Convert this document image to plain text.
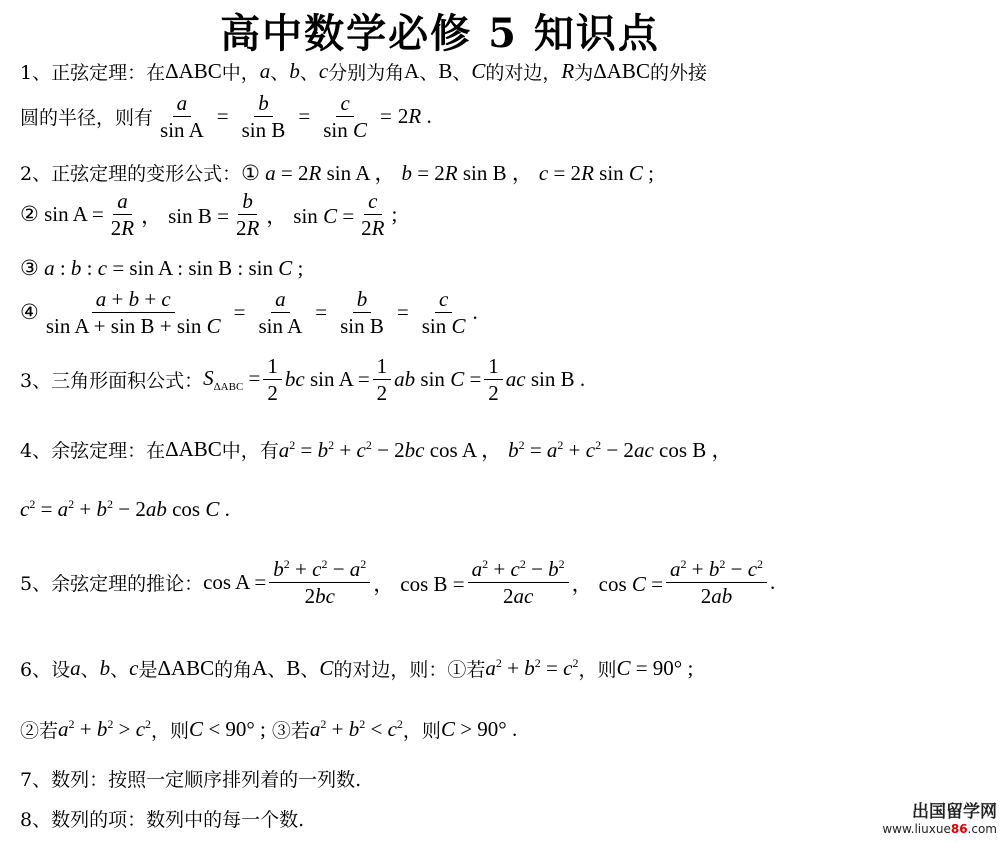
高中数学必修 5 知识点
1、正弦定理：在 ΔABC 中， a 、 b 、 c 分别为角 A 、 B 、 C 的对边， R 为 ΔABC 的外接
圆的半径，则有 $\frac{a}{\text{sin A}} = \frac{b}{\text{sin B}} = \frac{c}{\text{sin C}} = 2R$ .
2、正弦定理的变形公式： ① a = 2R sin A ， b = 2R sin B ， c = 2R sin C ;
② $\sin A = \frac{a}{2R}$ ， $\sin B = \frac{b}{2R}$ ， $\sin C = \frac{c}{2R}$ ;
③ a : b : c = sin A : sin B : sin C ;
④ $\frac{a + b + c}{\text{sin A + sin B + sin C}} = \frac{a}{\text{sin A}} = \frac{b}{\text{sin B}} = \frac{c}{\text{sin C}}$ .
3、三角形面积公式： $S_{\Delta ABC} = \frac{1}{2}$ bc $\sin A = \frac{1}{2}$ ab $\sin C = \frac{1}{2}$ ac sin B .
4、余弦定理：在 ΔABC 中，有 $a^2 = b^2 + c^2 - 2bc$ cos A ， $b^2 = a^2 + c^2 - 2ac$ cos B ，
$c^2 = a^2 + b^2 - 2ab$ cos C .
5、余弦定理的推论： $\cos A = \frac{b^2 + c^2 - a^2}{2bc}$ ， $\cos B = \frac{a^2 + c^2 - b^2}{2ac}$ ， $\cos C = \frac{a^2 + b^2 - c^2}{2ab}$ .
6、设 a 、 b 、 c 是 ΔABC 的角 A 、 B 、 C 的对边，则：①若 $a^2 + b^2 = c^2$ ，则 C = 90° ;
②若 $a^2 + b^2 > c^2$ ，则 C < 90° ; ③若 $a^2 + b^2 < c^2$ ，则 C > 90° .
7、数列：按照一定顺序排列着的一列数.
8、数列的项：数列中的每一个数.	出国留学网
www.liuxue86.com
